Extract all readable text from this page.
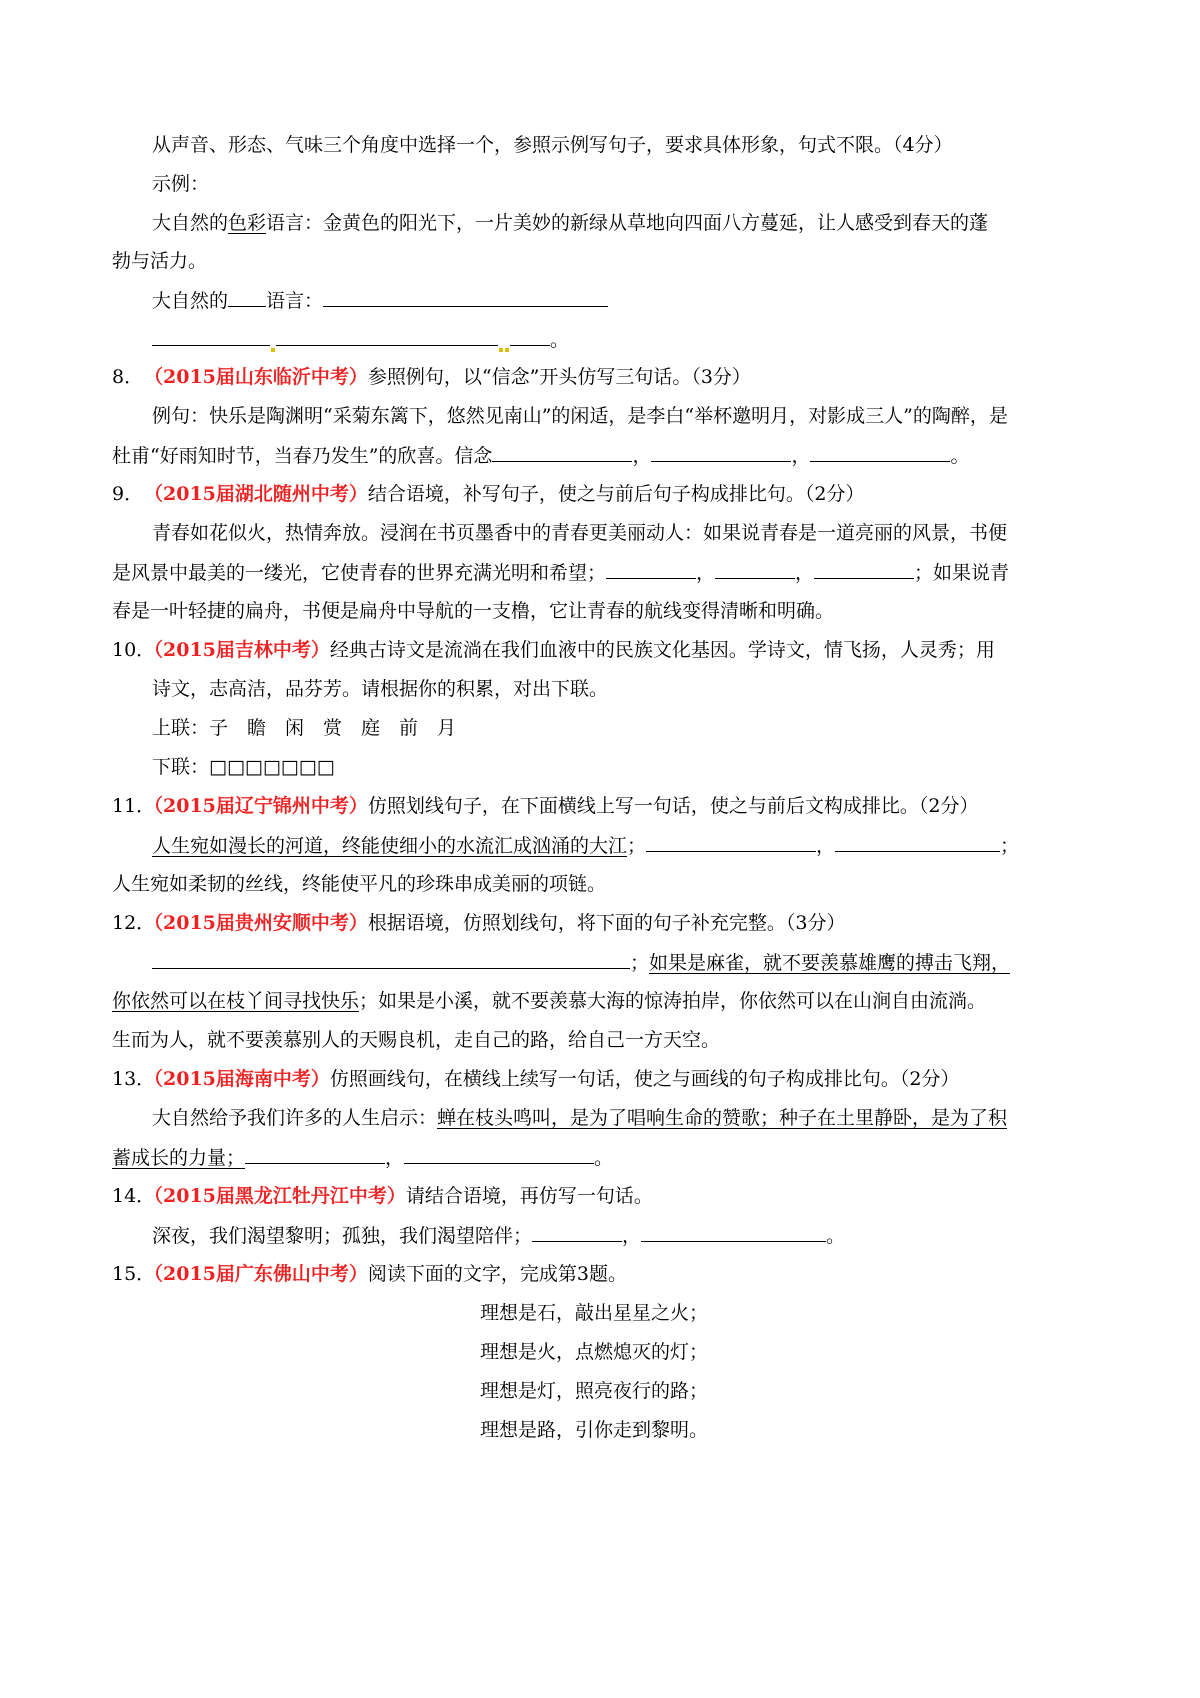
从声音、形态、气味三个角度中选择一个，参照示例写句子，要求具体形象，句式不限。（4分）
示例：
大自然的色彩语言：金黄色的阳光下，一片美妙的新绿从草地向四面八方蔓延，让人感受到春天的蓬
勃与活力。
大自然的 语言：
。
8．（2015届山东临沂中考）参照例句，以“信念”开头仿写三句话。（3分）
例句：快乐是陶渊明“采菊东篱下，悠然见南山”的闲适，是李白“举杯邀明月，对影成三人”的陶醉，是
杜甫“好雨知时节，当春乃发生”的欣喜。信念	，	，	。
9．（2015届湖北随州中考）结合语境，补写句子，使之与前后句子构成排比句。（2分）
青春如花似火，热情奔放。浸润在书页墨香中的青春更美丽动人：如果说青春是一道亮丽的风景，书便
是风景中最美的一缕光，它使青春的世界充满光明和希望；	，	，	；如果说青
春是一叶轻捷的扁舟，书便是扁舟中导航的一支橹，它让青春的航线变得清晰和明确。
10．（2015届吉林中考）经典古诗文是流淌在我们血液中的民族文化基因。学诗文，情飞扬，人灵秀；用
诗文，志高洁，品芬芳。请根据你的积累，对出下联。
上联：子　瞻　闲　赏　庭　前　月
下联：□□□□□□□
11．（2015届辽宁锦州中考）仿照划线句子，在下面横线上写一句话，使之与前后文构成排比。（2分）
人生宛如漫长的河道，终能使细小的水流汇成汹涌的大江；	，	；
人生宛如柔韧的丝线，终能使平凡的珍珠串成美丽的项链。
12．（2015届贵州安顺中考）根据语境，仿照划线句，将下面的句子补充完整。（3分）
；如果是麻雀，就不要羡慕雄鹰的搏击飞翔，
你依然可以在枝丫间寻找快乐；如果是小溪，就不要羡慕大海的惊涛拍岸，你依然可以在山涧自由流淌。
生而为人，就不要羡慕别人的天赐良机，走自己的路，给自己一方天空。
13．（2015届海南中考）仿照画线句，在横线上续写一句话，使之与画线的句子构成排比句。（2分）
大自然给予我们许多的人生启示：蝉在枝头鸣叫，是为了唱响生命的赞歌；种子在土里静卧，是为了积
蓄成长的力量；	，	。
14．（2015届黑龙江牡丹江中考）请结合语境，再仿写一句话。
深夜，我们渴望黎明；孤独，我们渴望陪伴；	，	。
15．（2015届广东佛山中考）阅读下面的文字，完成第3题。
理想是石，敲出星星之火；
理想是火，点燃熄灭的灯；
理想是灯，照亮夜行的路；
理想是路，引你走到黎明。
